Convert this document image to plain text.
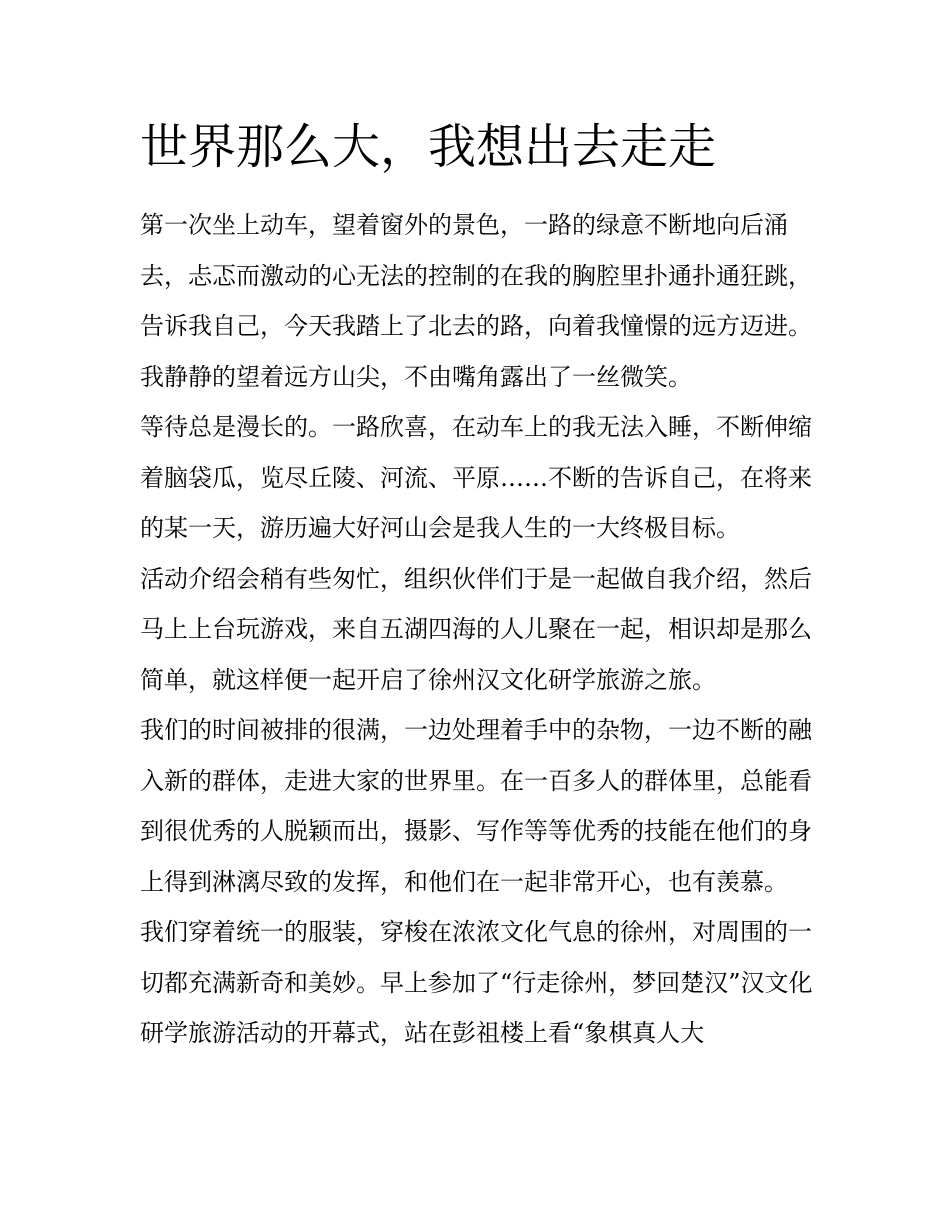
世界那么大，我想出去走走

第一次坐上动车，望着窗外的景色，一路的绿意不断地向后涌去，忐忑而激动的心无法的控制的在我的胸腔里扑通扑通狂跳，告诉我自己，今天我踏上了北去的路，向着我憧憬的远方迈进。我静静的望着远方山尖，不由嘴角露出了一丝微笑。

等待总是漫长的。一路欣喜，在动车上的我无法入睡，不断伸缩着脑袋瓜，览尽丘陵、河流、平原……不断的告诉自己，在将来的某一天，游历遍大好河山会是我人生的一大终极目标。

活动介绍会稍有些匆忙，组织伙伴们于是一起做自我介绍，然后马上上台玩游戏，来自五湖四海的人儿聚在一起，相识却是那么简单，就这样便一起开启了徐州汉文化研学旅游之旅。

我们的时间被排的很满，一边处理着手中的杂物，一边不断的融入新的群体，走进大家的世界里。在一百多人的群体里，总能看到很优秀的人脱颖而出，摄影、写作等等优秀的技能在他们的身上得到淋漓尽致的发挥，和他们在一起非常开心，也有羡慕。

我们穿着统一的服装，穿梭在浓浓文化气息的徐州，对周围的一切都充满新奇和美妙。早上参加了“行走徐州，梦回楚汉”汉文化研学旅游活动的开幕式，站在彭祖楼上看“象棋真人大
